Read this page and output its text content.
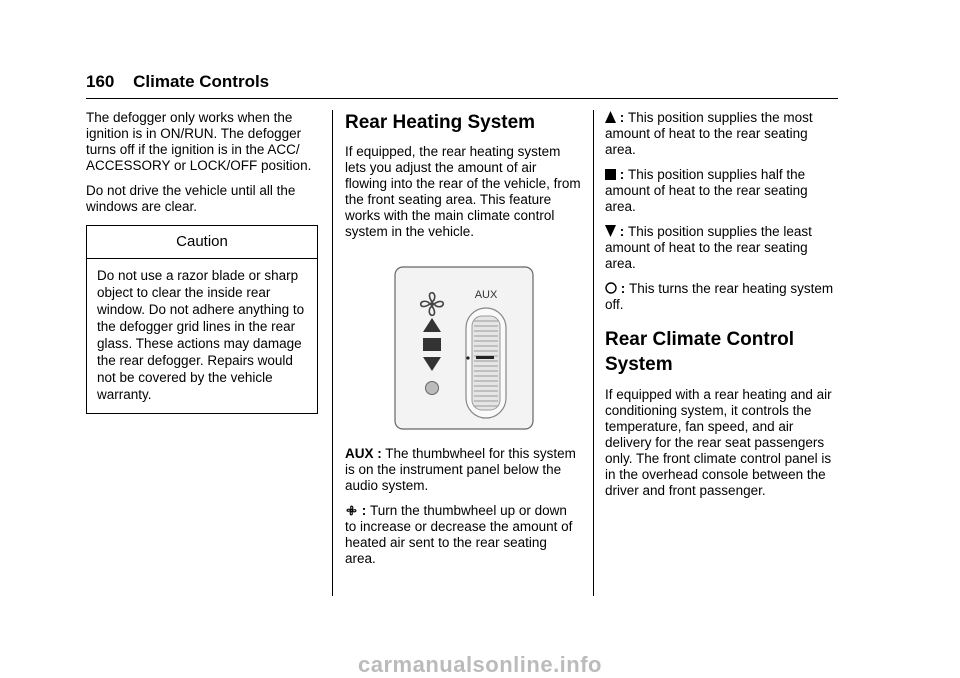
160 Climate Controls

The defogger only works when the ignition is in ON/RUN. The defogger turns off if the ignition is in the ACC/ ACCESSORY or LOCK/OFF position.

Do not drive the vehicle until all the windows are clear.

Caution
Do not use a razor blade or sharp object to clear the inside rear window. Do not adhere anything to the defogger grid lines in the rear glass. These actions may damage the rear defogger. Repairs would not be covered by the vehicle warranty.
Rear Heating System

If equipped, the rear heating system lets you adjust the amount of air flowing into the rear of the vehicle, from the front seating area. This feature works with the main climate control system in the vehicle.

AUX

AUX : The thumbwheel for this system is on the instrument panel below the audio system.

: Turn the thumbwheel up or down to increase or decrease the amount of heated air sent to the rear seating area.

: This position supplies the most amount of heat to the rear seating area.

: This position supplies half the amount of heat to the rear seating area.

: This position supplies the least amount of heat to the rear seating area.

: This turns the rear heating system off.

Rear Climate Control System

If equipped with a rear heating and air conditioning system, it controls the temperature, fan speed, and air delivery for the rear seat passengers only. The front climate control panel is in the overhead console between the driver and front passenger.

carmanualsonline.info
